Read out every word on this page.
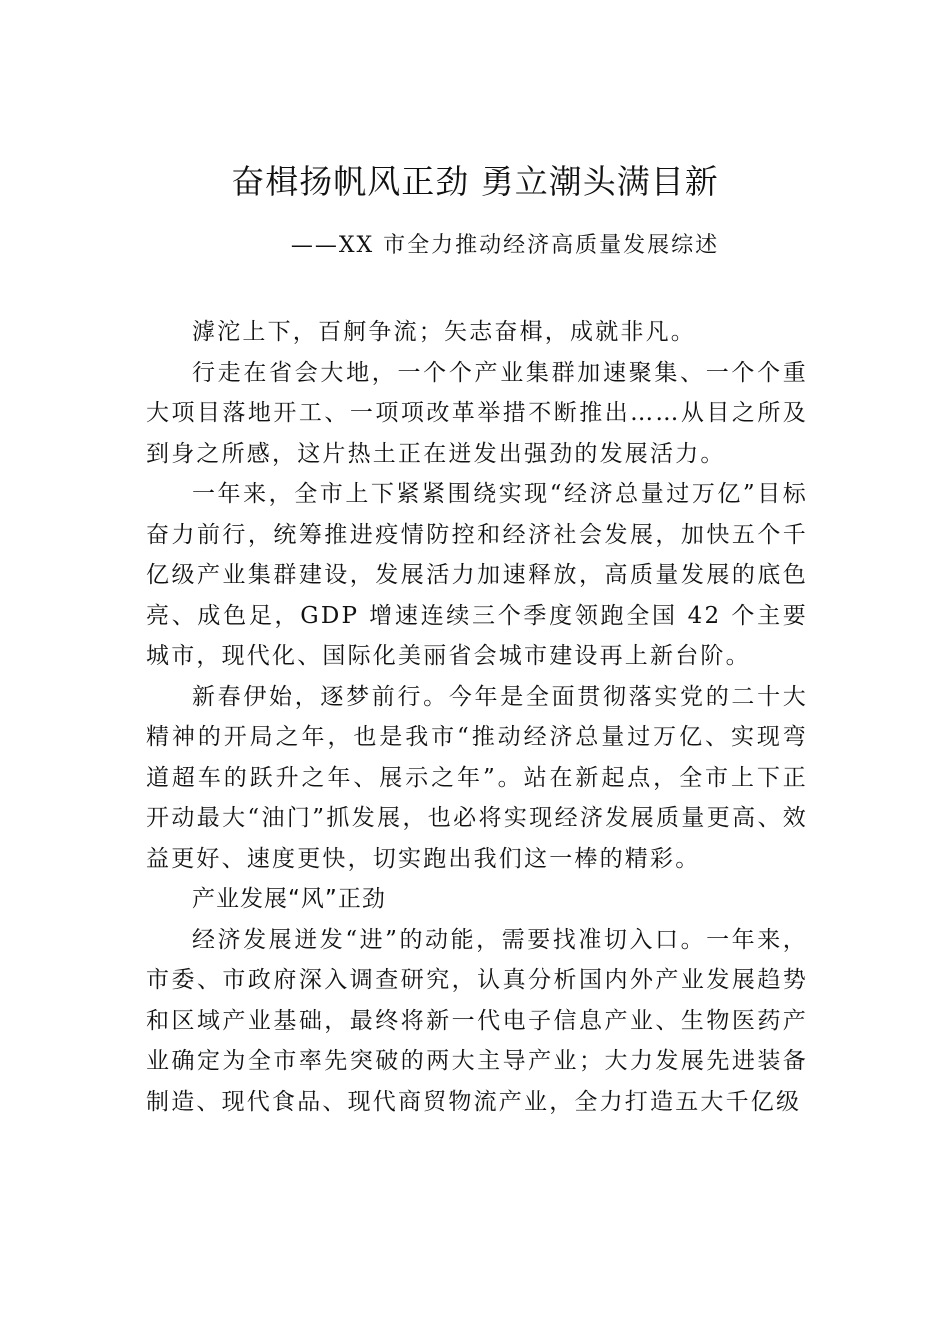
奋楫扬帆风正劲 勇立潮头满目新
——XX 市全力推动经济高质量发展综述

滹沱上下，百舸争流；矢志奋楫，成就非凡。

行走在省会大地，一个个产业集群加速聚集、一个个重大项目落地开工、一项项改革举措不断推出……从目之所及到身之所感，这片热土正在迸发出强劲的发展活力。

一年来，全市上下紧紧围绕实现“经济总量过万亿”目标奋力前行，统筹推进疫情防控和经济社会发展，加快五个千亿级产业集群建设，发展活力加速释放，高质量发展的底色亮、成色足，GDP 增速连续三个季度领跑全国 42 个主要城市，现代化、国际化美丽省会城市建设再上新台阶。

新春伊始，逐梦前行。今年是全面贯彻落实党的二十大精神的开局之年，也是我市“推动经济总量过万亿、实现弯道超车的跃升之年、展示之年”。站在新起点，全市上下正开动最大“油门”抓发展，也必将实现经济发展质量更高、效益更好、速度更快，切实跑出我们这一棒的精彩。

产业发展“风”正劲

经济发展迸发“进”的动能，需要找准切入口。一年来，市委、市政府深入调查研究，认真分析国内外产业发展趋势和区域产业基础，最终将新一代电子信息产业、生物医药产业确定为全市率先突破的两大主导产业；大力发展先进装备制造、现代食品、现代商贸物流产业，全力打造五大千亿级
